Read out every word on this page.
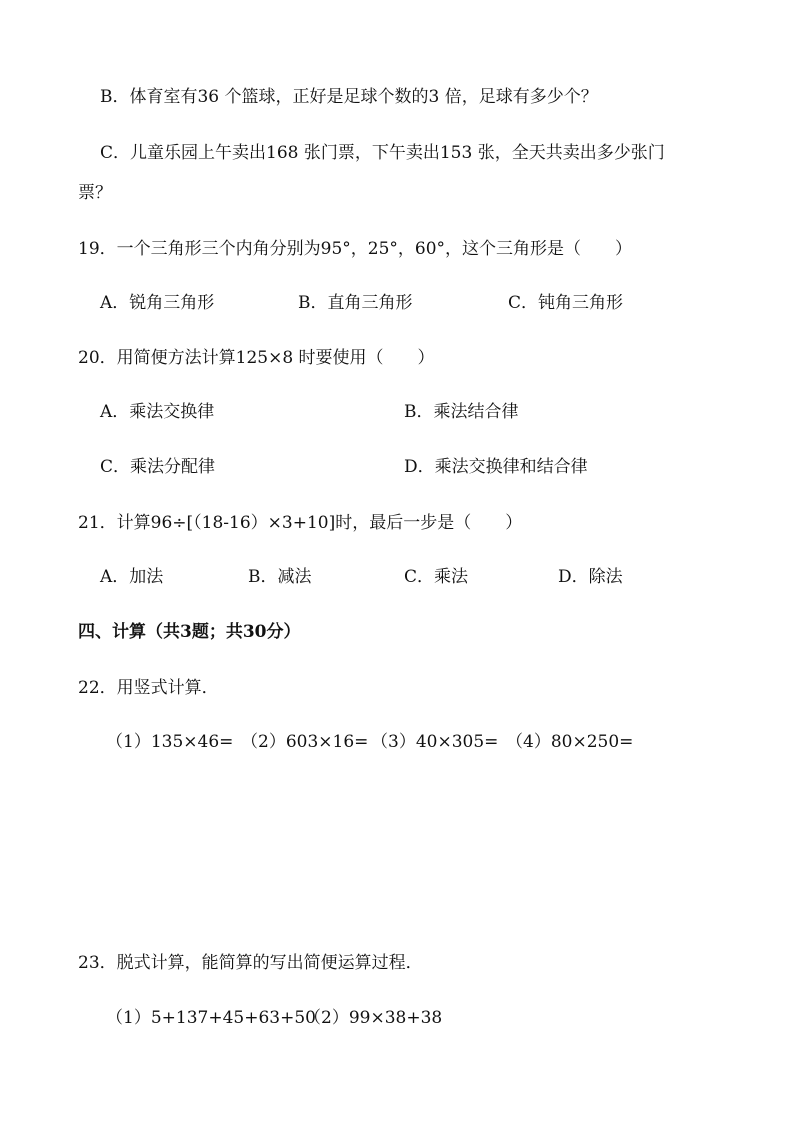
B．体育室有36 个篮球，正好是足球个数的3 倍，足球有多少个？
C．儿童乐园上午卖出168 张门票，下午卖出153 张，全天共卖出多少张门
票？
19．一个三角形三个内角分别为95°，25°，60°，这个三角形是（　　）
A．锐角三角形	B．直角三角形	C．钝角三角形
20．用简便方法计算125×8 时要使用（　　）
A．乘法交换律	B．乘法结合律
C．乘法分配律	D．乘法交换律和结合律
21．计算96÷[（18-16）×3+10]时，最后一步是（　　）
A．加法	B．减法	C．乘法	D．除法
四、计算（共3题；共30分）
22．用竖式计算．
（1）135×46= （2）603×16= （3）40×305= （4）80×250=
23．脱式计算，能简算的写出简便运算过程．
（1）5+137+45+63+50
（2）99×38+38
